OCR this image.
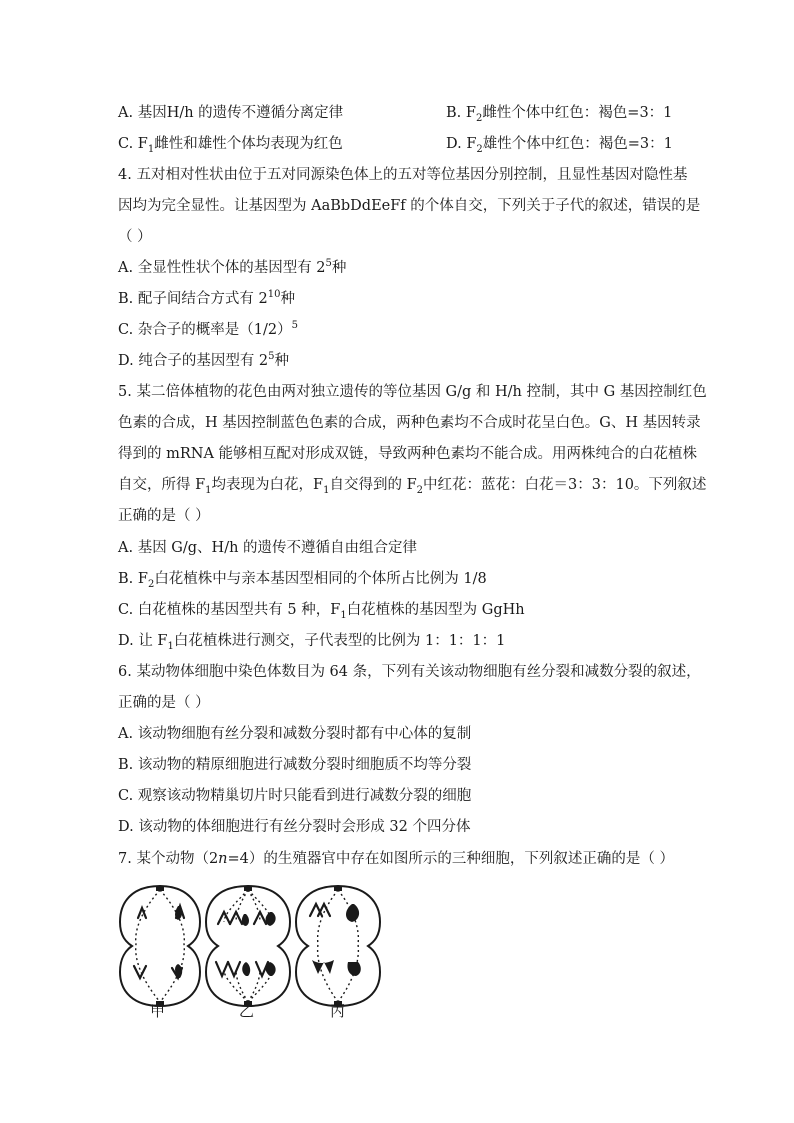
A. 基因H/h 的遗传不遵循分离定律	B. $F_2$雌性个体中红色：褐色=3：1
C. $F_1$雌性和雄性个体均表现为红色	D. $F_2$雄性个体中红色：褐色=3：1
4. 五对相对性状由位于五对同源染色体上的五对等位基因分别控制，且显性基因对隐性基
因均为完全显性。让基因型为 AaBbDdEeFf 的个体自交，下列关于子代的叙述，错误的是
（ ）
A. 全显性性状个体的基因型有 $2^5$种
B. 配子间结合方式有 $2^{10}$种
C. 杂合子的概率是$(1/2)^5$
D. 纯合子的基因型有 $2^5$种
5. 某二倍体植物的花色由两对独立遗传的等位基因 G/g 和 H/h 控制，其中 G 基因控制红色
色素的合成，H 基因控制蓝色色素的合成，两种色素均不合成时花呈白色。G、H 基因转录
得到的 mRNA 能够相互配对形成双链，导致两种色素均不能合成。用两株纯合的白花植株
自交，所得 $F_1$均表现为白花，$F_1$自交得到的 $F_2$中红花：蓝花：白花＝3：3：10。下列叙述
正确的是（ ）
A. 基因 G/g、H/h 的遗传不遵循自由组合定律
B. $F_2$白花植株中与亲本基因型相同的个体所占比例为 1/8
C. 白花植株的基因型共有 5 种，$F_1$白花植株的基因型为 GgHh
D. 让 $F_1$白花植株进行测交，子代表型的比例为 1：1：1：1
6. 某动物体细胞中染色体数目为 64 条，下列有关该动物细胞有丝分裂和减数分裂的叙述，
正确的是（ ）
A. 该动物细胞有丝分裂和减数分裂时都有中心体的复制
B. 该动物的精原细胞进行减数分裂时细胞质不均等分裂
C. 观察该动物精巢切片时只能看到进行减数分裂的细胞
D. 该动物的体细胞进行有丝分裂时会形成 32 个四分体
7. 某个动物（2n=4）的生殖器官中存在如图所示的三种细胞，下列叙述正确的是（ ）
甲	乙	丙
